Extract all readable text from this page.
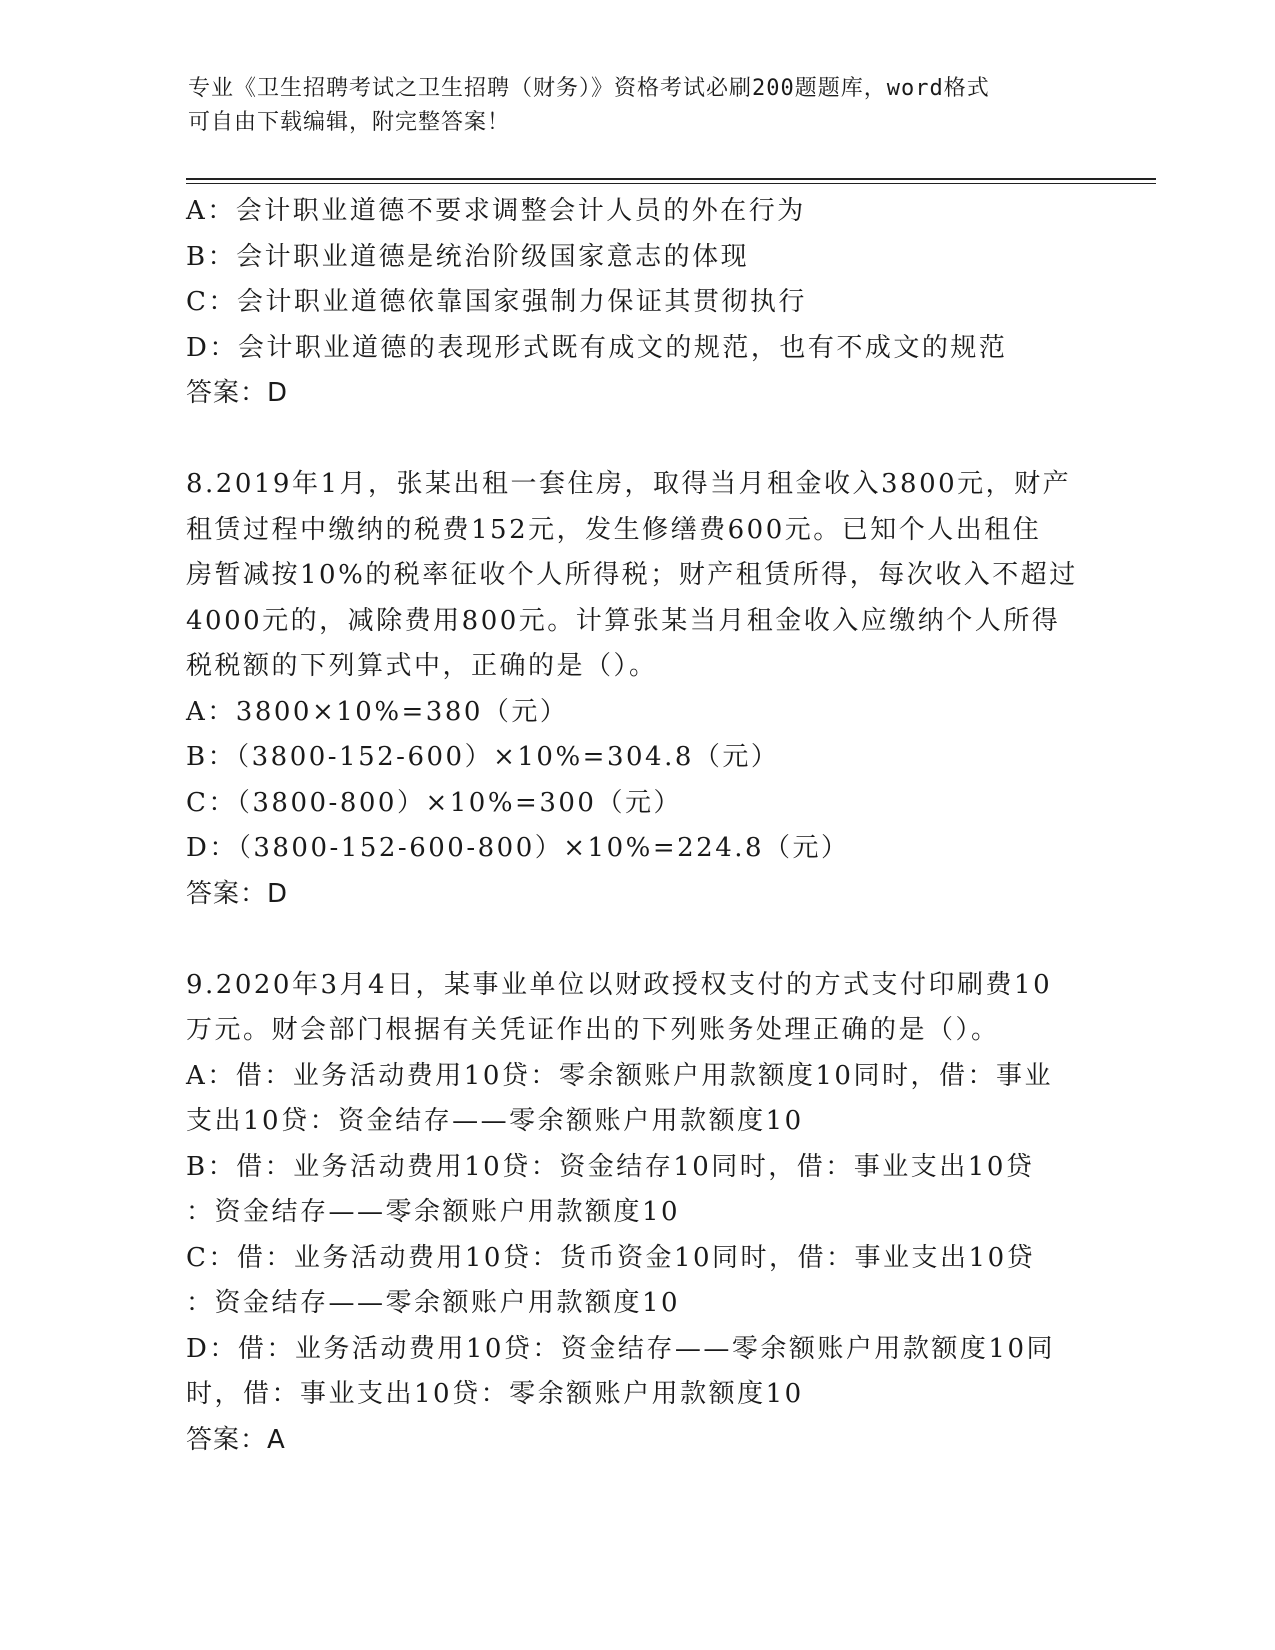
专业《卫生招聘考试之卫生招聘（财务）》资格考试必刷200题题库，word格式
可自由下载编辑，附完整答案！
A：会计职业道德不要求调整会计人员的外在行为
B：会计职业道德是统治阶级国家意志的体现
C：会计职业道德依靠国家强制力保证其贯彻执行
D：会计职业道德的表现形式既有成文的规范，也有不成文的规范
答案：D
8.2019年1月，张某出租一套住房，取得当月租金收入3800元，财产
租赁过程中缴纳的税费152元，发生修缮费600元。已知个人出租住
房暂减按10%的税率征收个人所得税；财产租赁所得，每次收入不超过
4000元的，减除费用800元。计算张某当月租金收入应缴纳个人所得
税税额的下列算式中，正确的是（）。
A：3800×10%=380（元）
B：（3800-152-600）×10%=304.8（元）
C：（3800-800）×10%=300（元）
D：（3800-152-600-800）×10%=224.8（元）
答案：D
9.2020年3月4日，某事业单位以财政授权支付的方式支付印刷费10
万元。财会部门根据有关凭证作出的下列账务处理正确的是（）。
A：借：业务活动费用10贷：零余额账户用款额度10同时，借：事业
支出10贷：资金结存——零余额账户用款额度10
B：借：业务活动费用10贷：资金结存10同时，借：事业支出10贷
：资金结存——零余额账户用款额度10
C：借：业务活动费用10贷：货币资金10同时，借：事业支出10贷
：资金结存——零余额账户用款额度10
D：借：业务活动费用10贷：资金结存——零余额账户用款额度10同
时，借：事业支出10贷：零余额账户用款额度10
答案：A
